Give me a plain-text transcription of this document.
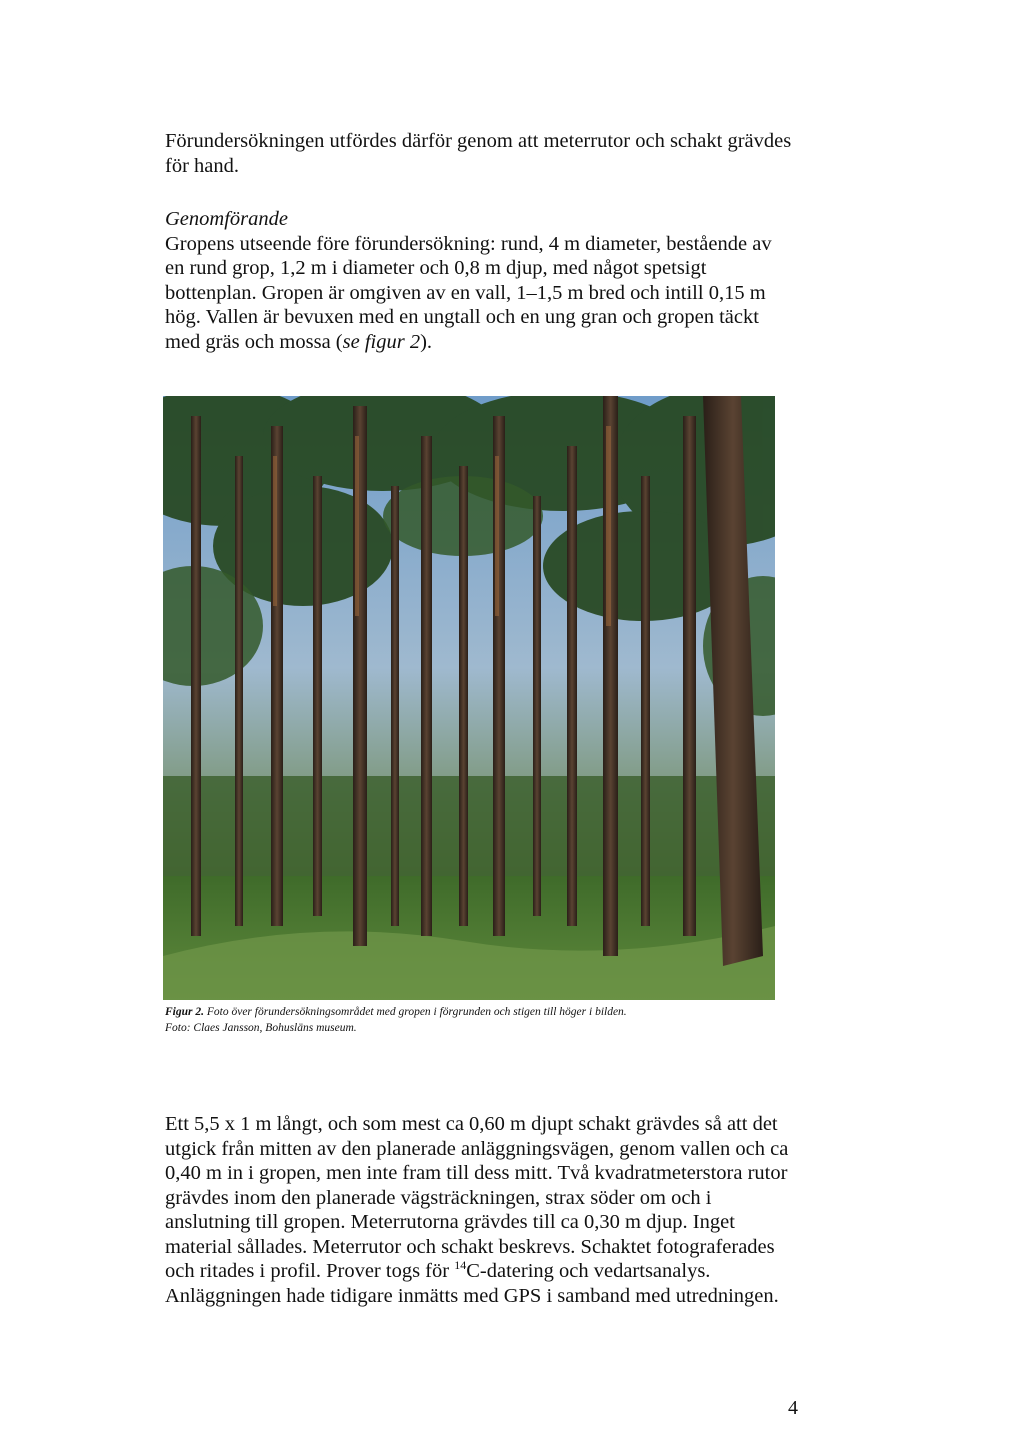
Förundersökningen utfördes därför genom att meterrutor och schakt grävdes
för hand.

Genomförande
Gropens utseende före förundersökning: rund, 4 m diameter, bestående av
en rund grop, 1,2 m i diameter och 0,8 m djup, med något spetsigt
bottenplan. Gropen är omgiven av en vall, 1–1,5 m bred och intill 0,15 m
hög. Vallen är bevuxen med en ungtall och en ung gran och gropen täckt
med gräs och mossa (se figur 2).

Figur 2. Foto över förundersökningsområdet med gropen i förgrunden och stigen till höger i bilden.
Foto: Claes Jansson, Bohusläns museum.

Ett 5,5 x 1 m långt, och som mest ca 0,60 m djupt schakt grävdes så att det
utgick från mitten av den planerade anläggningsvägen, genom vallen och ca
0,40 m in i gropen, men inte fram till dess mitt. Två kvadratmeterstora rutor
grävdes inom den planerade vägsträckningen, strax söder om och i
anslutning till gropen. Meterrutorna grävdes till ca 0,30 m djup. Inget
material sållades. Meterrutor och schakt beskrevs. Schaktet fotograferades
och ritades i profil. Prover togs för $^{14}$C-datering och vedartsanalys.
Anläggningen hade tidigare inmätts med GPS i samband med utredningen.

4
